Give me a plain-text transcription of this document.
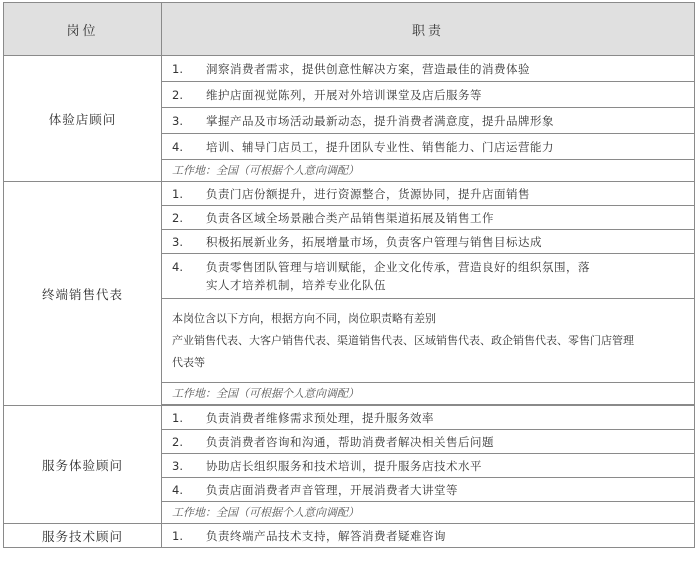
岗位	职责
体验店顾问	1. 洞察消费者需求，提供创意性解决方案，营造最佳的消费体验
	2. 维护店面视觉陈列，开展对外培训课堂及店后服务等
	3. 掌握产品及市场活动最新动态，提升消费者满意度，提升品牌形象
	4. 培训、辅导门店员工，提升团队专业性、销售能力、门店运营能力
	工作地：全国（可根据个人意向调配）
终端销售代表	1. 负责门店份额提升，进行资源整合，货源协同，提升店面销售
	2. 负责各区域全场景融合类产品销售渠道拓展及销售工作
	3. 积极拓展新业务，拓展增量市场，负责客户管理与销售目标达成
	4. 负责零售团队管理与培训赋能，企业文化传承，营造良好的组织氛围，落
实人才培养机制，培养专业化队伍

	本岗位含以下方向，根据方向不同，岗位职责略有差别
产业销售代表、大客户销售代表、渠道销售代表、区域销售代表、政企销售代表、零售门店管理
代表等

	工作地：全国（可根据个人意向调配）

服务体验顾问	1. 负责消费者维修需求预处理，提升服务效率
	2. 负责消费者咨询和沟通，帮助消费者解决相关售后问题
	3. 协助店长组织服务和技术培训，提升服务店技术水平
	4. 负责店面消费者声音管理，开展消费者大讲堂等
	工作地：全国（可根据个人意向调配）
服务技术顾问	1. 负责终端产品技术支持，解答消费者疑难咨询
